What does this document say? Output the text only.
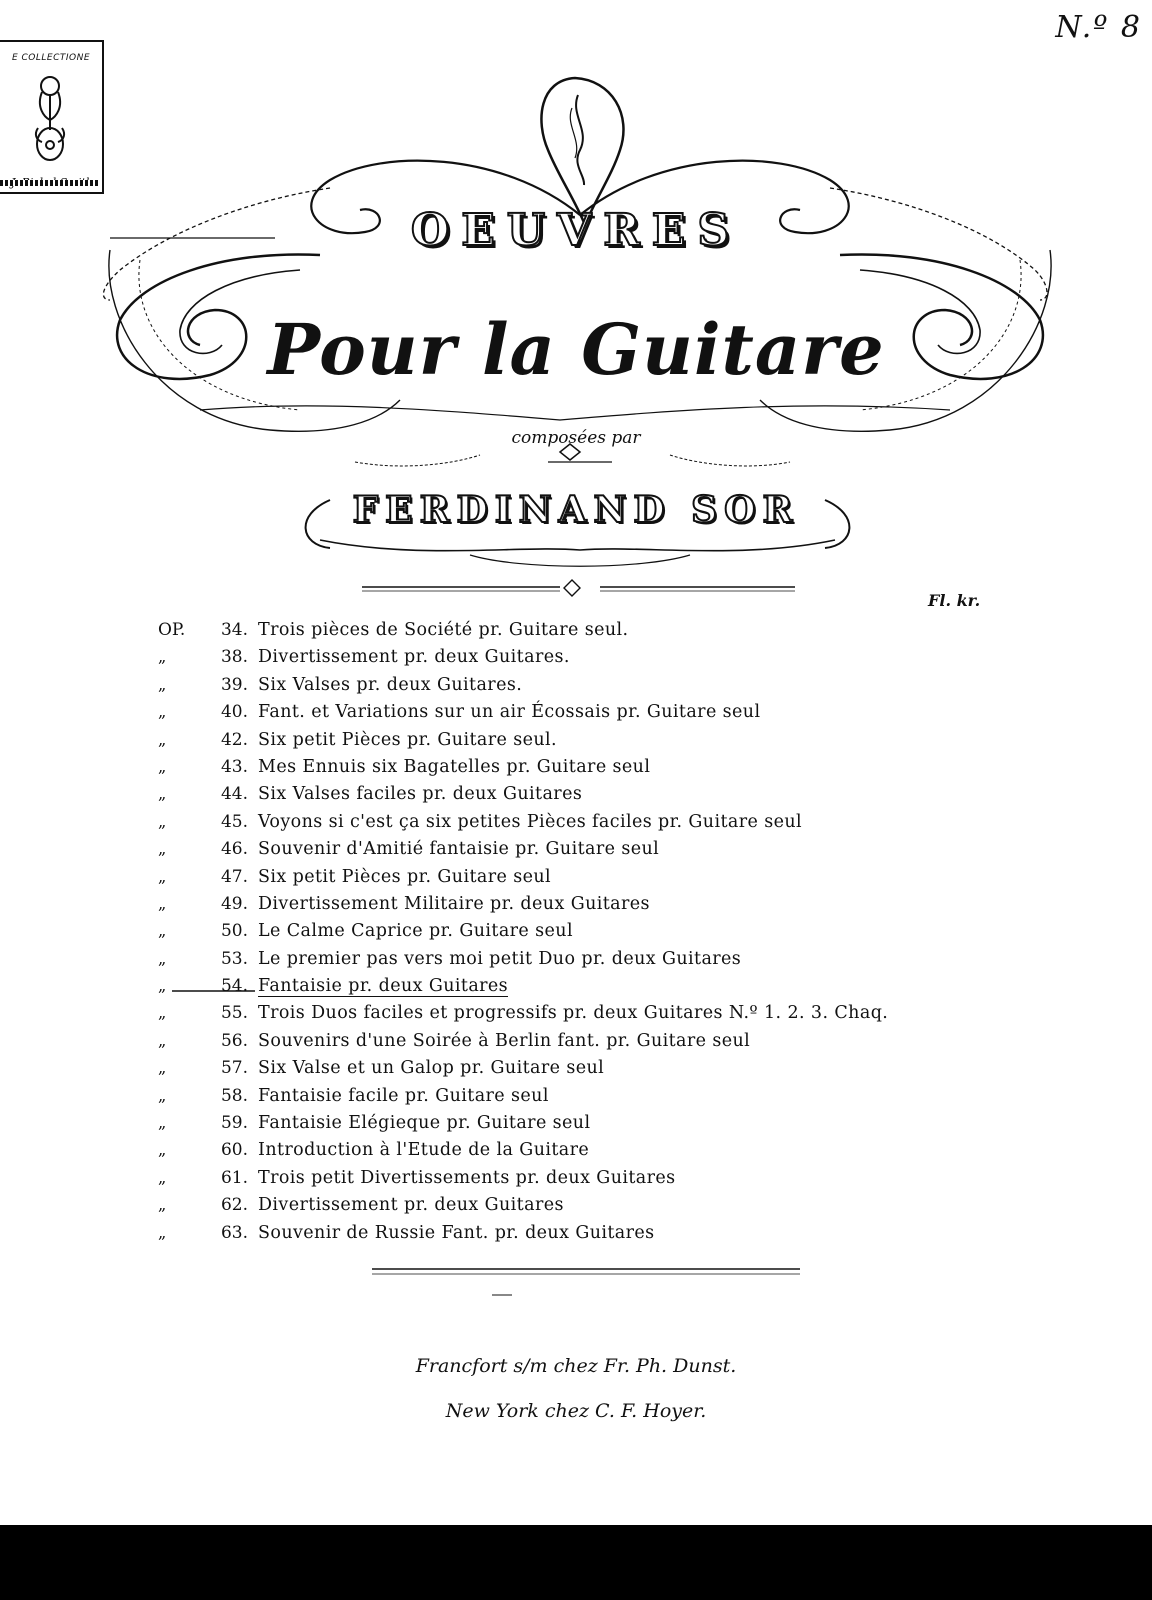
E COLLECTIONE
N.º 8
OEUVRES
Pour la Guitare
composées par
FERDINAND SOR
Fl. kr.
OP.	34. Trois pièces de Société pr. Guitare seul.
„	38. Divertissement pr. deux Guitares.
„	39. Six Valses pr. deux Guitares.
„	40. Fant. et Variations sur un air Écossais pr. Guitare seul
„	42. Six petit Pièces pr. Guitare seul.
„	43. Mes Ennuis six Bagatelles pr. Guitare seul
„	44. Six Valses faciles pr. deux Guitares
„	45. Voyons si c'est ça six petites Pièces faciles pr. Guitare seul
„	46. Souvenir d'Amitié fantaisie pr. Guitare seul
„	47. Six petit Pièces pr. Guitare seul
„	49. Divertissement Militaire pr. deux Guitares
„	50. Le Calme Caprice pr. Guitare seul
„	53. Le premier pas vers moi petit Duo pr. deux Guitares
„	54. Fantaisie pr. deux Guitares
„	55. Trois Duos faciles et progressifs pr. deux Guitares N.º 1. 2. 3. Chaq.
„	56. Souvenirs d'une Soirée à Berlin fant. pr. Guitare seul
„	57. Six Valse et un Galop pr. Guitare seul
„	58. Fantaisie facile pr. Guitare seul
„	59. Fantaisie Elégieque pr. Guitare seul
„	60. Introduction à l'Etude de la Guitare
„	61. Trois petit Divertissements pr. deux Guitares
„	62. Divertissement pr. deux Guitares
„	63. Souvenir de Russie Fant. pr. deux Guitares
Francfort s/m chez Fr. Ph. Dunst.
New York chez C. F. Hoyer.
